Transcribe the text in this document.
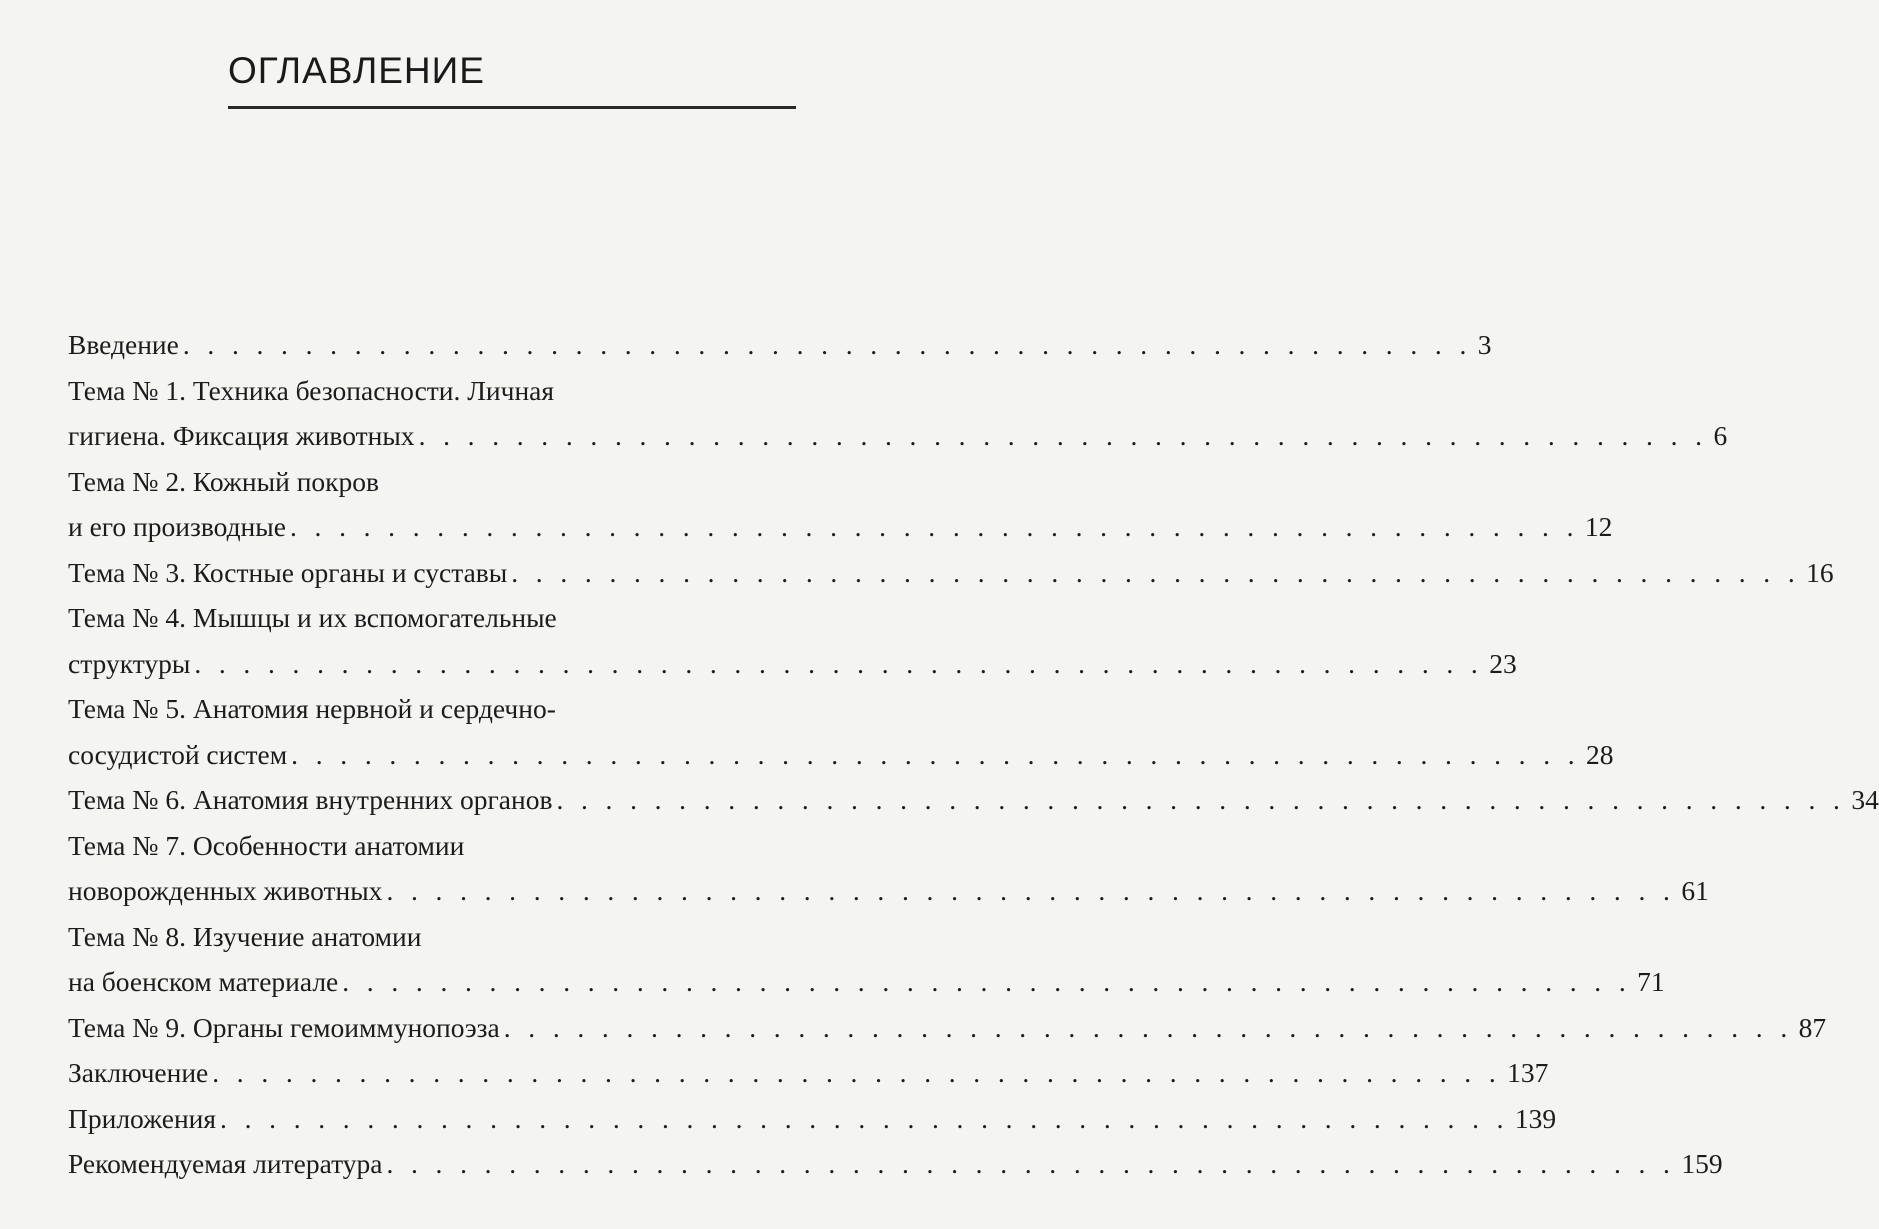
ОГЛАВЛЕНИЕ
Введение . . . . . . . . . . . . . . . . . . . . . . . . . . . . . . . . . . . . . . . . . . . . . . . . . . . . . 3
Тема № 1. Техника безопасности. Личная
гигиена. Фиксация животных . . . . . . . . . . . . . . . . . . . . . . . . . . . . . . . . . . . . . . . . . . . . . . . . . . . . . 6
Тема № 2. Кожный покров
и его производные . . . . . . . . . . . . . . . . . . . . . . . . . . . . . . . . . . . . . . . . . . . . . . . . . . . . . 12
Тема № 3. Костные органы и суставы . . . . . . . . . . . . . . . . . . . . . . . . . . . . . . . . . . . . . . . . . . . . . . . . . . . . . 16
Тема № 4. Мышцы и их вспомогательные
структуры . . . . . . . . . . . . . . . . . . . . . . . . . . . . . . . . . . . . . . . . . . . . . . . . . . . . . 23
Тема № 5. Анатомия нервной и сердечно-
сосудистой систем . . . . . . . . . . . . . . . . . . . . . . . . . . . . . . . . . . . . . . . . . . . . . . . . . . . . . 28
Тема № 6. Анатомия внутренних органов . . . . . . . . . . . . . . . . . . . . . . . . . . . . . . . . . . . . . . . . . . . . . . . . . . . . . 34
Тема № 7. Особенности анатомии
новорожденных животных . . . . . . . . . . . . . . . . . . . . . . . . . . . . . . . . . . . . . . . . . . . . . . . . . . . . . 61
Тема № 8. Изучение анатомии
на боенском материале . . . . . . . . . . . . . . . . . . . . . . . . . . . . . . . . . . . . . . . . . . . . . . . . . . . . . 71
Тема № 9. Органы гемоиммунопоэза . . . . . . . . . . . . . . . . . . . . . . . . . . . . . . . . . . . . . . . . . . . . . . . . . . . . . 87
Заключение . . . . . . . . . . . . . . . . . . . . . . . . . . . . . . . . . . . . . . . . . . . . . . . . . . . . . 137
Приложения . . . . . . . . . . . . . . . . . . . . . . . . . . . . . . . . . . . . . . . . . . . . . . . . . . . . . 139
Рекомендуемая литература . . . . . . . . . . . . . . . . . . . . . . . . . . . . . . . . . . . . . . . . . . . . . . . . . . . . . 159
